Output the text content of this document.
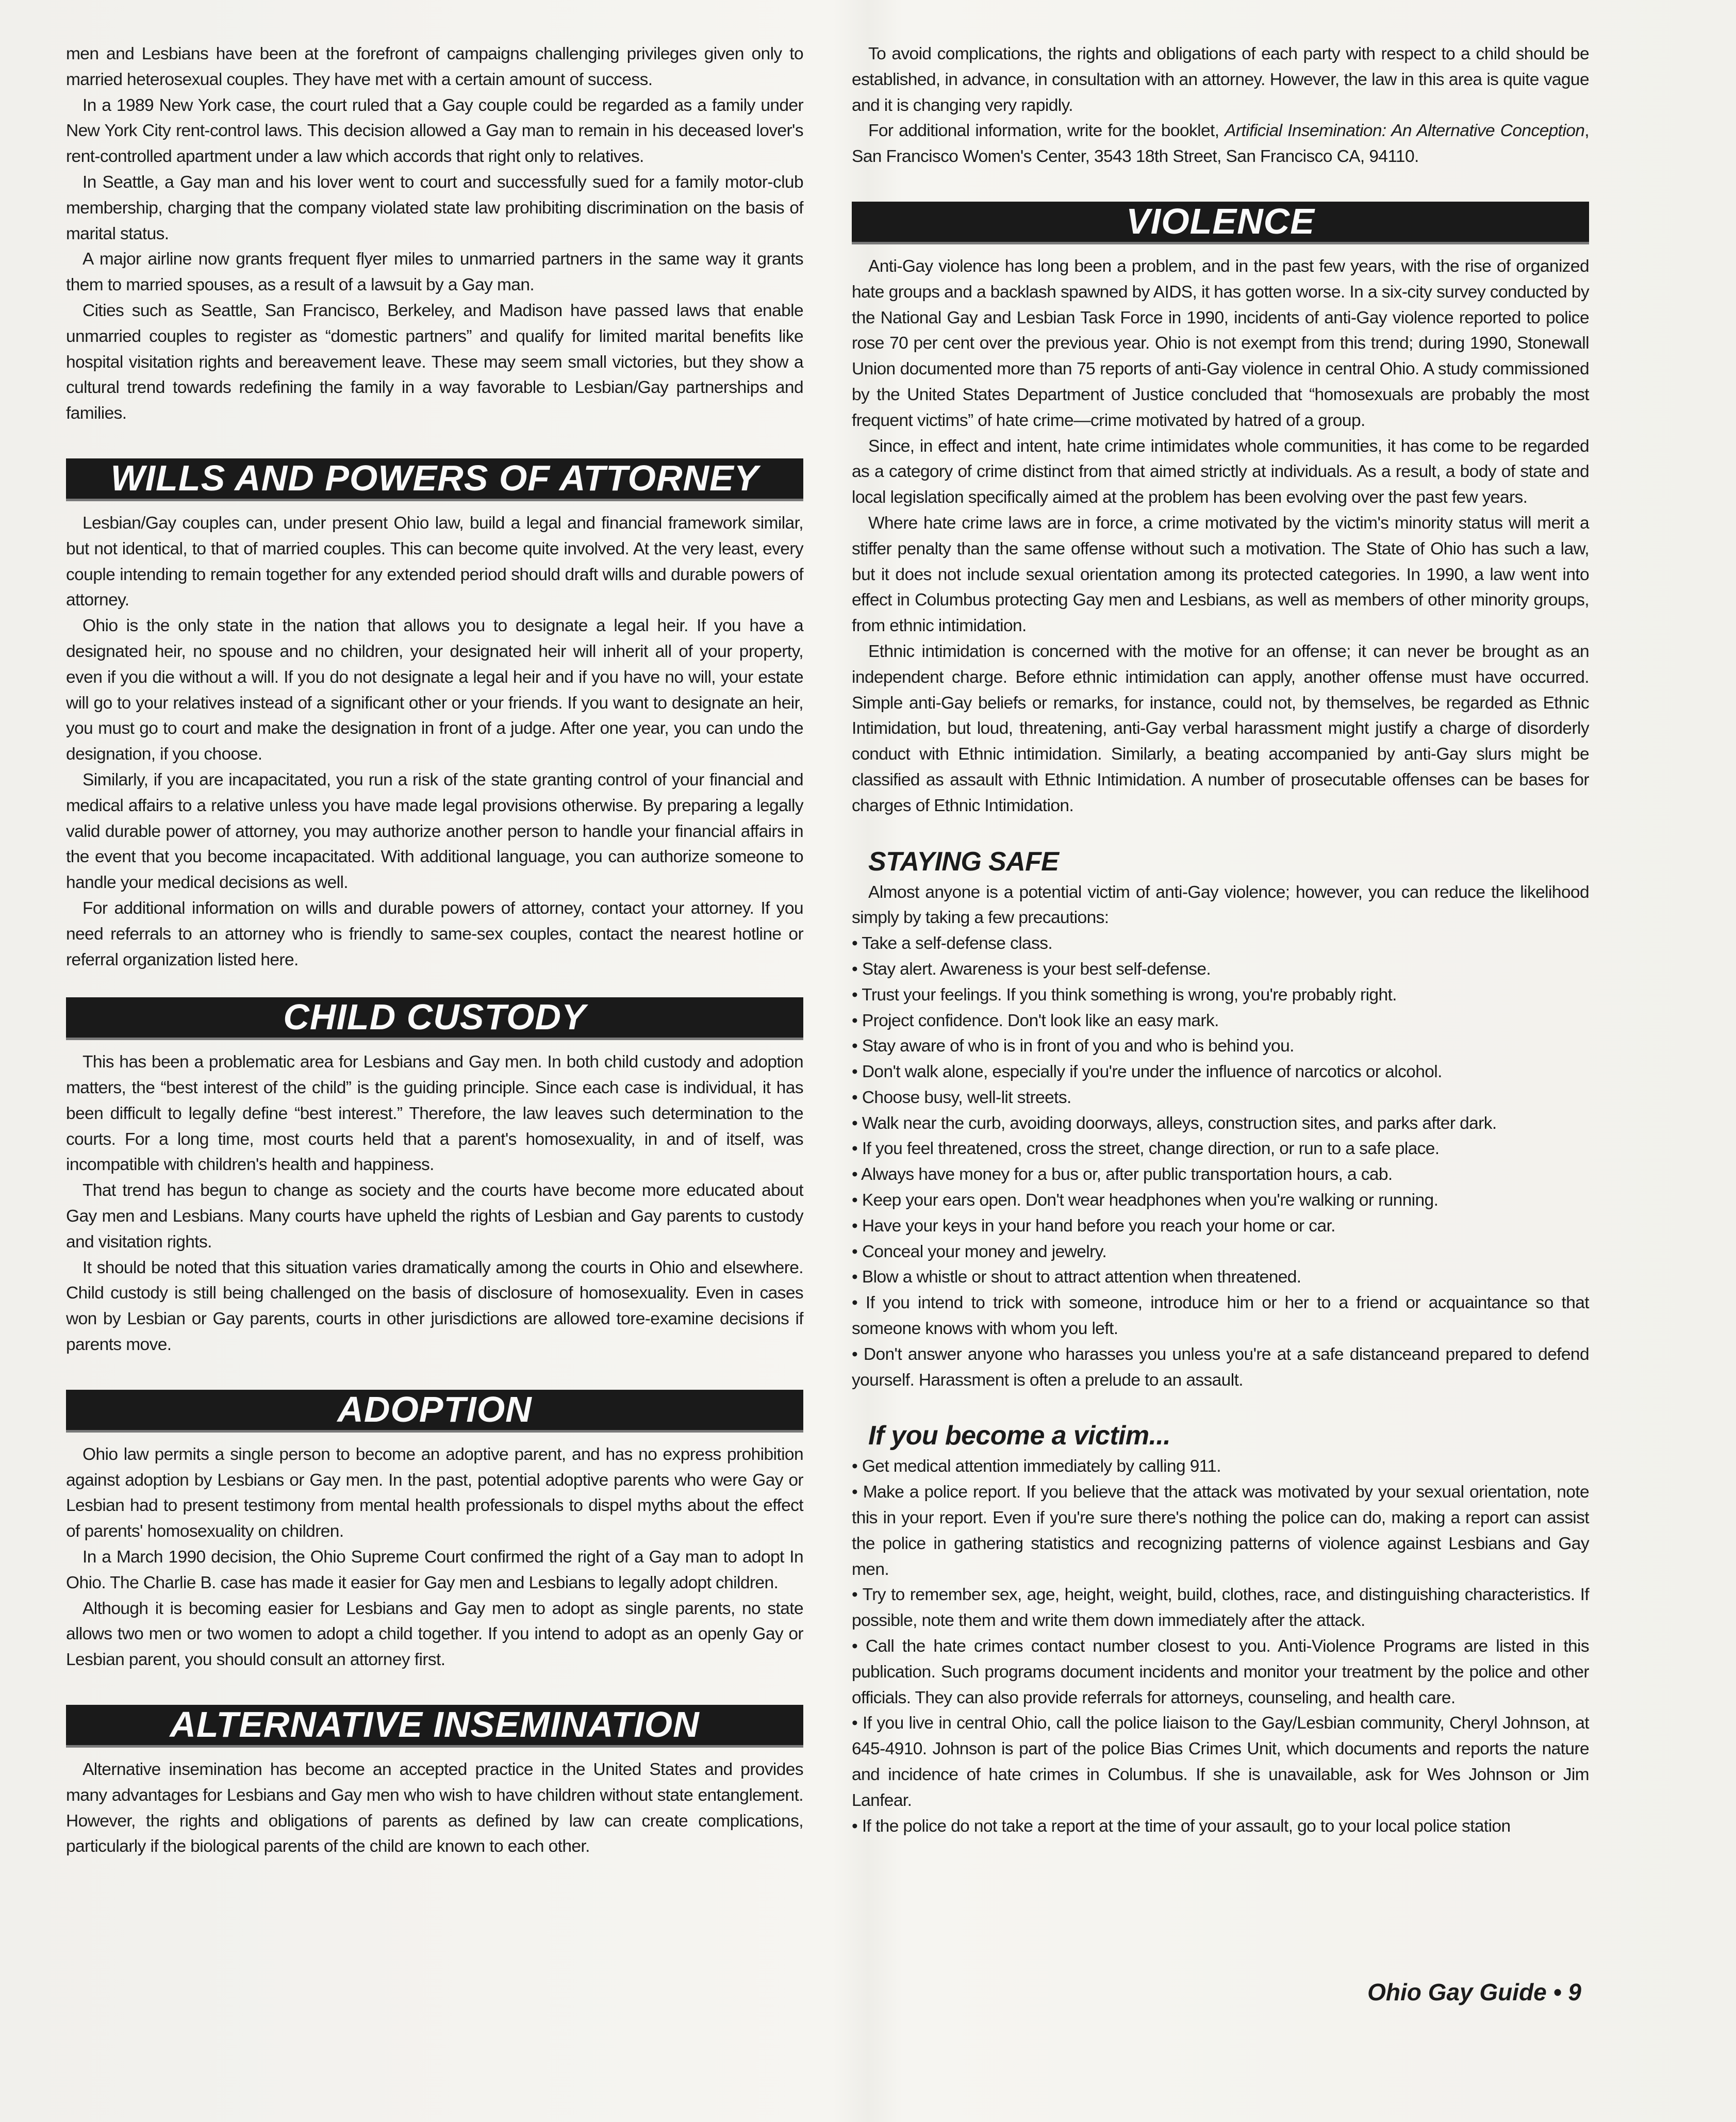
men and Lesbians have been at the forefront of campaigns challenging privileges given only to married heterosexual couples. They have met with a certain amount of success.

In a 1989 New York case, the court ruled that a Gay couple could be regarded as a family under New York City rent-control laws. This decision allowed a Gay man to remain in his deceased lover's rent-controlled apartment under a law which accords that right only to relatives.

In Seattle, a Gay man and his lover went to court and successfully sued for a family motor-club membership, charging that the company violated state law prohibiting discrimination on the basis of marital status.

A major airline now grants frequent flyer miles to unmarried partners in the same way it grants them to married spouses, as a result of a lawsuit by a Gay man.

Cities such as Seattle, San Francisco, Berkeley, and Madison have passed laws that enable unmarried couples to register as “domestic partners” and qualify for limited marital benefits like hospital visitation rights and bereavement leave. These may seem small victories, but they show a cultural trend towards redefining the family in a way favorable to Lesbian/Gay partnerships and families.

WILLS AND POWERS OF ATTORNEY

Lesbian/Gay couples can, under present Ohio law, build a legal and financial framework similar, but not identical, to that of married couples. This can become quite involved. At the very least, every couple intending to remain together for any extended period should draft wills and durable powers of attorney.

Ohio is the only state in the nation that allows you to designate a legal heir. If you have a designated heir, no spouse and no children, your designated heir will inherit all of your property, even if you die without a will. If you do not designate a legal heir and if you have no will, your estate will go to your relatives instead of a significant other or your friends. If you want to designate an heir, you must go to court and make the designation in front of a judge. After one year, you can undo the designation, if you choose.

Similarly, if you are incapacitated, you run a risk of the state granting control of your financial and medical affairs to a relative unless you have made legal provisions otherwise. By preparing a legally valid durable power of attorney, you may authorize another person to handle your financial affairs in the event that you become incapacitated. With additional language, you can authorize someone to handle your medical decisions as well.

For additional information on wills and durable powers of attorney, contact your attorney. If you need referrals to an attorney who is friendly to same-sex couples, contact the nearest hotline or referral organization listed here.

CHILD CUSTODY

This has been a problematic area for Lesbians and Gay men. In both child custody and adoption matters, the “best interest of the child” is the guiding principle. Since each case is individual, it has been difficult to legally define “best interest.” Therefore, the law leaves such determination to the courts. For a long time, most courts held that a parent's homosexuality, in and of itself, was incompatible with children's health and happiness.

That trend has begun to change as society and the courts have become more educated about Gay men and Lesbians. Many courts have upheld the rights of Lesbian and Gay parents to custody and visitation rights.

It should be noted that this situation varies dramatically among the courts in Ohio and elsewhere. Child custody is still being challenged on the basis of disclosure of homosexuality. Even in cases won by Lesbian or Gay parents, courts in other jurisdictions are allowed tore-examine decisions if parents move.

ADOPTION

Ohio law permits a single person to become an adoptive parent, and has no express prohibition against adoption by Lesbians or Gay men. In the past, potential adoptive parents who were Gay or Lesbian had to present testimony from mental health professionals to dispel myths about the effect of parents' homosexuality on children.

In a March 1990 decision, the Ohio Supreme Court confirmed the right of a Gay man to adopt In Ohio. The Charlie B. case has made it easier for Gay men and Lesbians to legally adopt children.

Although it is becoming easier for Lesbians and Gay men to adopt as single parents, no state allows two men or two women to adopt a child together. If you intend to adopt as an openly Gay or Lesbian parent, you should consult an attorney first.

ALTERNATIVE INSEMINATION

Alternative insemination has become an accepted practice in the United States and provides many advantages for Lesbians and Gay men who wish to have children without state entanglement. However, the rights and obligations of parents as defined by law can create complications, particularly if the biological parents of the child are known to each other.

To avoid complications, the rights and obligations of each party with respect to a child should be established, in advance, in consultation with an attorney. However, the law in this area is quite vague and it is changing very rapidly.

For additional information, write for the booklet, Artificial Insemination: An Alternative Conception, San Francisco Women's Center, 3543 18th Street, San Francisco CA, 94110.

VIOLENCE

Anti-Gay violence has long been a problem, and in the past few years, with the rise of organized hate groups and a backlash spawned by AIDS, it has gotten worse. In a six-city survey conducted by the National Gay and Lesbian Task Force in 1990, incidents of anti-Gay violence reported to police rose 70 per cent over the previous year. Ohio is not exempt from this trend; during 1990, Stonewall Union documented more than 75 reports of anti-Gay violence in central Ohio. A study commissioned by the United States Department of Justice concluded that “homosexuals are probably the most frequent victims” of hate crime—crime motivated by hatred of a group.

Since, in effect and intent, hate crime intimidates whole communities, it has come to be regarded as a category of crime distinct from that aimed strictly at individuals. As a result, a body of state and local legislation specifically aimed at the problem has been evolving over the past few years.

Where hate crime laws are in force, a crime motivated by the victim's minority status will merit a stiffer penalty than the same offense without such a motivation. The State of Ohio has such a law, but it does not include sexual orientation among its protected categories. In 1990, a law went into effect in Columbus protecting Gay men and Lesbians, as well as members of other minority groups, from ethnic intimidation.

Ethnic intimidation is concerned with the motive for an offense; it can never be brought as an independent charge. Before ethnic intimidation can apply, another offense must have occurred. Simple anti-Gay beliefs or remarks, for instance, could not, by themselves, be regarded as Ethnic Intimidation, but loud, threatening, anti-Gay verbal harassment might justify a charge of disorderly conduct with Ethnic intimidation. Similarly, a beating accompanied by anti-Gay slurs might be classified as assault with Ethnic Intimidation. A number of prosecutable offenses can be bases for charges of Ethnic Intimidation.

STAYING SAFE

Almost anyone is a potential victim of anti-Gay violence; however, you can reduce the likelihood simply by taking a few precautions:

• Take a self-defense class.

• Stay alert. Awareness is your best self-defense.

• Trust your feelings. If you think something is wrong, you're probably right.

• Project confidence. Don't look like an easy mark.

• Stay aware of who is in front of you and who is behind you.

• Don't walk alone, especially if you're under the influence of narcotics or alcohol.

• Choose busy, well-lit streets.

• Walk near the curb, avoiding doorways, alleys, construction sites, and parks after dark.

• If you feel threatened, cross the street, change direction, or run to a safe place.

• Always have money for a bus or, after public transportation hours, a cab.

• Keep your ears open. Don't wear headphones when you're walking or running.

• Have your keys in your hand before you reach your home or car.

• Conceal your money and jewelry.

• Blow a whistle or shout to attract attention when threatened.

• If you intend to trick with someone, introduce him or her to a friend or acquaintance so that someone knows with whom you left.

• Don't answer anyone who harasses you unless you're at a safe distanceand prepared to defend yourself. Harassment is often a prelude to an assault.

If you become a victim...

• Get medical attention immediately by calling 911.

• Make a police report. If you believe that the attack was motivated by your sexual orientation, note this in your report. Even if you're sure there's nothing the police can do, making a report can assist the police in gathering statistics and recognizing patterns of violence against Lesbians and Gay men.

• Try to remember sex, age, height, weight, build, clothes, race, and distinguishing characteristics. If possible, note them and write them down immediately after the attack.

• Call the hate crimes contact number closest to you. Anti-Violence Programs are listed in this publication. Such programs document incidents and monitor your treatment by the police and other officials. They can also provide referrals for attorneys, counseling, and health care.

• If you live in central Ohio, call the police liaison to the Gay/Lesbian community, Cheryl Johnson, at 645-4910. Johnson is part of the police Bias Crimes Unit, which documents and reports the nature and incidence of hate crimes in Columbus. If she is unavailable, ask for Wes Johnson or Jim Lanfear.

• If the police do not take a report at the time of your assault, go to your local police station

Ohio Gay Guide • 9
